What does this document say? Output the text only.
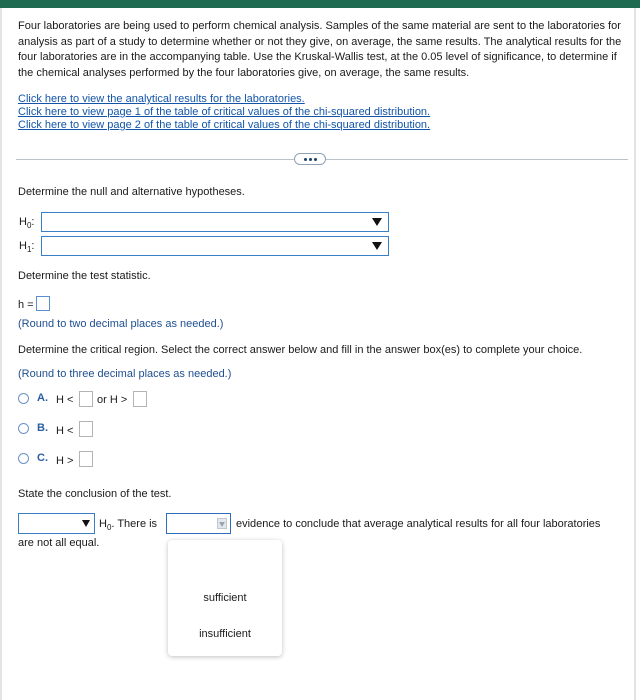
Four laboratories are being used to perform chemical analysis. Samples of the same material are sent to the laboratories for analysis as part of a study to determine whether or not they give, on average, the same results. The analytical results for the four laboratories are in the accompanying table. Use the Kruskal-Wallis test, at the 0.05 level of significance, to determine if the chemical analyses performed by the four laboratories give, on average, the same results.
Click here to view the analytical results for the laboratories.
Click here to view page 1 of the table of critical values of the chi-squared distribution.
Click here to view page 2 of the table of critical values of the chi-squared distribution.
Determine the null and alternative hypotheses.
$H_0$:
$H_1$:
Determine the test statistic.
h =
(Round to two decimal places as needed.)
Determine the critical region. Select the correct answer below and fill in the answer box(es) to complete your choice.
(Round to three decimal places as needed.)
A. H < or H >
B. H <
C. H >
State the conclusion of the test.
$H_0$. There is	evidence to conclude that average analytical results for all four laboratories
are not all equal.
sufficient
insufficient
